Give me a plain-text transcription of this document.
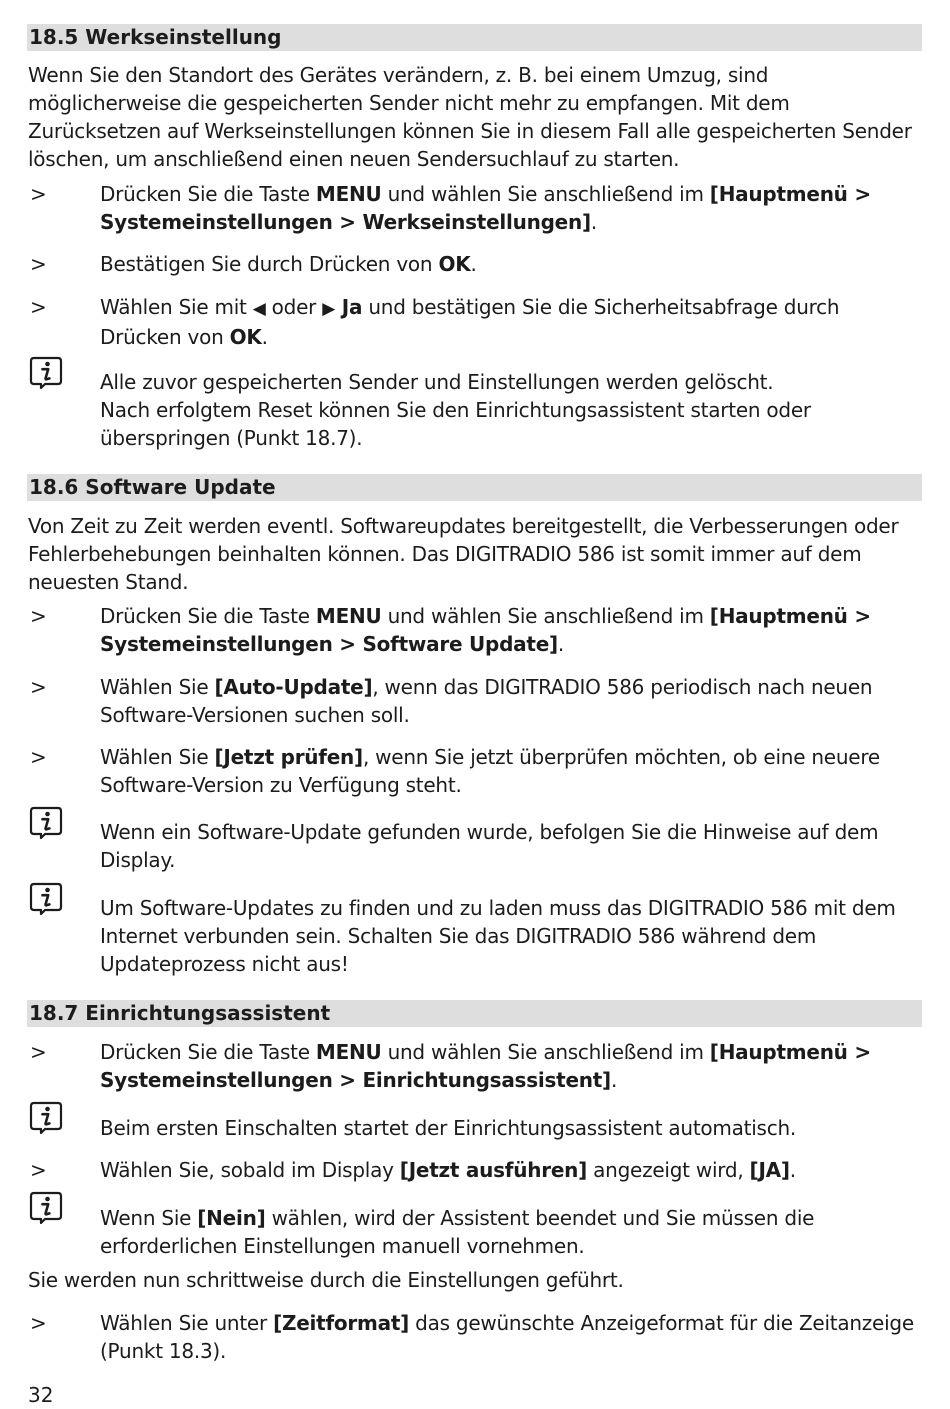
18.5 Werkseinstellung
Wenn Sie den Standort des Gerätes verändern, z. B. bei einem Umzug, sind möglicherweise die gespeicherten Sender nicht mehr zu empfangen. Mit dem Zurücksetzen auf Werkseinstellungen können Sie in diesem Fall alle gespeicherten Sender löschen, um anschließend einen neuen Sendersuchlauf zu starten.
>	Drücken Sie die Taste MENU und wählen Sie anschließend im [Hauptmenü > Systemeinstellungen > Werkseinstellungen].
>	Bestätigen Sie durch Drücken von OK.
>	Wählen Sie mit ◀ oder ▶ Ja und bestätigen Sie die Sicherheitsabfrage durch Drücken von OK.
Alle zuvor gespeicherten Sender und Einstellungen werden gelöscht.
Nach erfolgtem Reset können Sie den Einrichtungsassistent starten oder überspringen (Punkt 18.7).
18.6 Software Update
Von Zeit zu Zeit werden eventl. Softwareupdates bereitgestellt, die Verbesserungen oder Fehlerbehebungen beinhalten können. Das DIGITRADIO 586 ist somit immer auf dem neuesten Stand.
>	Drücken Sie die Taste MENU und wählen Sie anschließend im [Hauptmenü > Systemeinstellungen > Software Update].
>	Wählen Sie [Auto-Update], wenn das DIGITRADIO 586 periodisch nach neuen Software-Versionen suchen soll.
>	Wählen Sie [Jetzt prüfen], wenn Sie jetzt überprüfen möchten, ob eine neuere Software-Version zu Verfügung steht.
Wenn ein Software-Update gefunden wurde, befolgen Sie die Hinweise auf dem Display.
Um Software-Updates zu finden und zu laden muss das DIGITRADIO 586 mit dem Internet verbunden sein. Schalten Sie das DIGITRADIO 586 während dem Updateprozess nicht aus!
18.7 Einrichtungsassistent
>	Drücken Sie die Taste MENU und wählen Sie anschließend im [Hauptmenü > Systemeinstellungen > Einrichtungsassistent].
Beim ersten Einschalten startet der Einrichtungsassistent automatisch.
>	Wählen Sie, sobald im Display [Jetzt ausführen] angezeigt wird, [JA].
Wenn Sie [Nein] wählen, wird der Assistent beendet und Sie müssen die erforderlichen Einstellungen manuell vornehmen.
Sie werden nun schrittweise durch die Einstellungen geführt.
>	Wählen Sie unter [Zeitformat] das gewünschte Anzeigeformat für die Zeitanzeige (Punkt 18.3).
32
